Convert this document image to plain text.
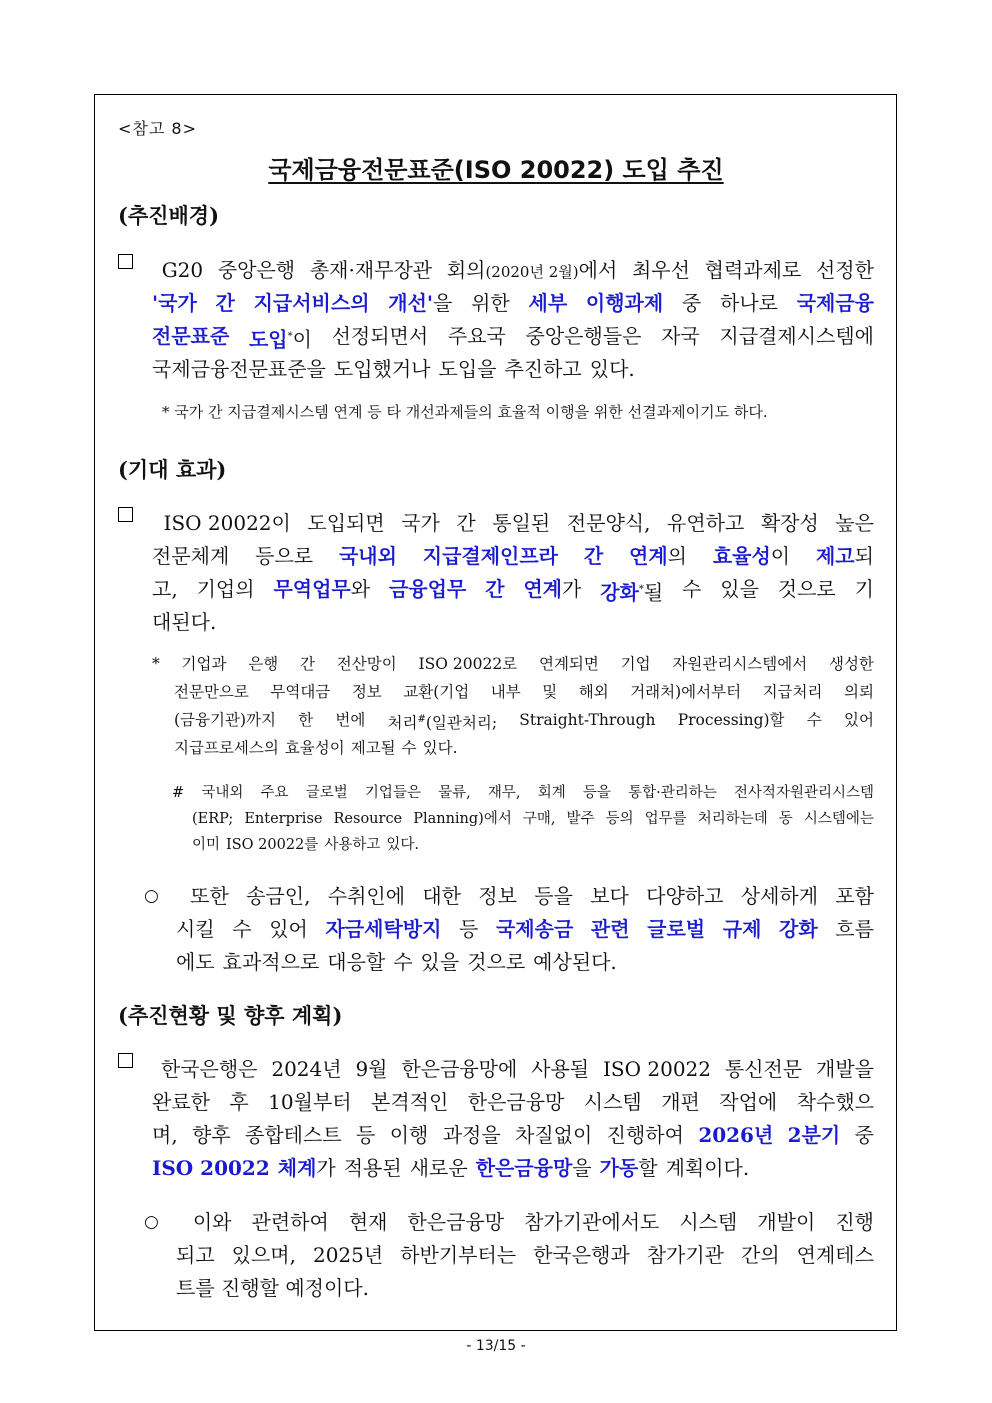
<참고 8>
국제금융전문표준(ISO 20022) 도입 추진
(추진배경)
G20 중앙은행 총재·재무장관 회의(2020년 2월)에서 최우선 협력과제로 선정한
'국가 간 지급서비스의 개선'을 위한 세부 이행과제 중 하나로 국제금융
전문표준 도입*이 선정되면서 주요국 중앙은행들은 자국 지급결제시스템에
국제금융전문표준을 도입했거나 도입을 추진하고 있다.
* 국가 간 지급결제시스템 연계 등 타 개선과제들의 효율적 이행을 위한 선결과제이기도 하다.
(기대 효과)
ISO 20022이 도입되면 국가 간 통일된 전문양식, 유연하고 확장성 높은
전문체계 등으로 국내외 지급결제인프라 간 연계의 효율성이 제고되
고, 기업의 무역업무와 금융업무 간 연계가 강화*될 수 있을 것으로 기
대된다.
* 기업과 은행 간 전산망이 ISO 20022로 연계되면 기업 자원관리시스템에서 생성한
전문만으로 무역대금 정보 교환(기업 내부 및 해외 거래처)에서부터 지급처리 의뢰
(금융기관)까지 한 번에 처리#(일관처리; Straight-Through Processing)할 수 있어
지급프로세스의 효율성이 제고될 수 있다.
# 국내외 주요 글로벌 기업들은 물류, 재무, 회계 등을 통합·관리하는 전사적자원관리시스템
(ERP; Enterprise Resource Planning)에서 구매, 발주 등의 업무를 처리하는데 동 시스템에는
이미 ISO 20022를 사용하고 있다.
○ 또한 송금인, 수취인에 대한 정보 등을 보다 다양하고 상세하게 포함
시킬 수 있어 자금세탁방지 등 국제송금 관련 글로벌 규제 강화 흐름
에도 효과적으로 대응할 수 있을 것으로 예상된다.
(추진현황 및 향후 계획)
한국은행은 2024년 9월 한은금융망에 사용될 ISO 20022 통신전문 개발을
완료한 후 10월부터 본격적인 한은금융망 시스템 개편 작업에 착수했으
며, 향후 종합테스트 등 이행 과정을 차질없이 진행하여 2026년 2분기 중
ISO 20022 체계가 적용된 새로운 한은금융망을 가동할 계획이다.
○ 이와 관련하여 현재 한은금융망 참가기관에서도 시스템 개발이 진행
되고 있으며, 2025년 하반기부터는 한국은행과 참가기관 간의 연계테스
트를 진행할 예정이다.
- 13/15 -
